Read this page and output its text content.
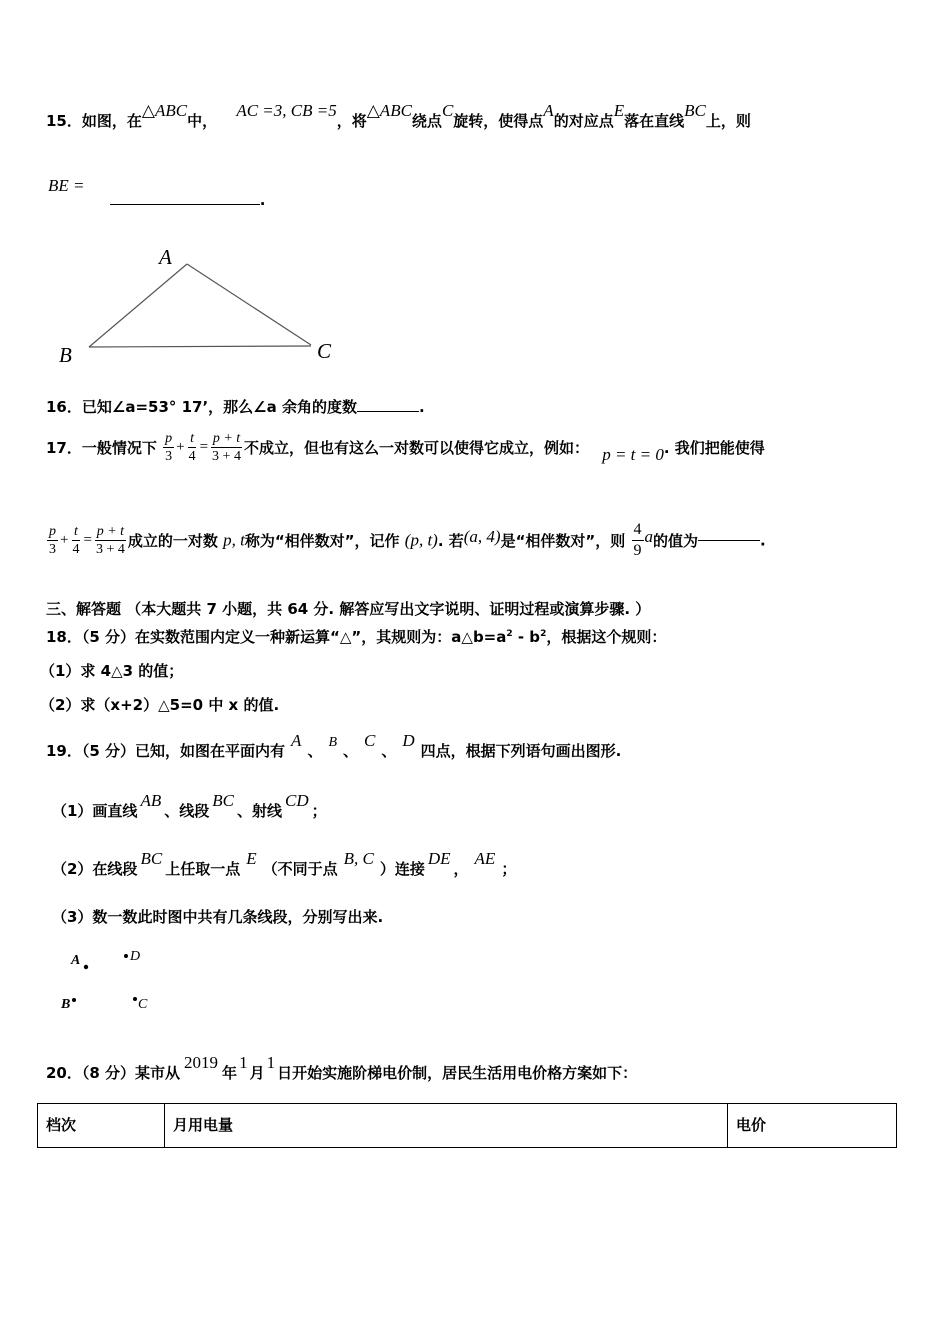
15．如图，在△ABC中， AC =3, CB =5，将△ABC绕点C旋转，使得点A的对应点E落在直线BC上，则
BE = .
A
B	C
16．已知∠a=53° 17’，那么∠a 余角的度数	.
17．一般情况下 $\frac{p}{3} + \frac{t}{4} = \frac{p + t}{3 + 4}$ 不成立，但也有这么一对数可以使得它成立，例如： p = t = 0. 我们把能使得
$\frac{p}{3} + \frac{t}{4} = \frac{p + t}{3 + 4}$ 成立的一对数 p, t称为“相伴数对”，记作 (p, t). 若(a, 4)是“相伴数对”，则 $\frac{4}{9}$ a的值为	.
三、解答题 （本大题共 7 小题，共 64 分. 解答应写出文字说明、证明过程或演算步骤. ）
18．（5 分）在实数范围内定义一种新运算“△”，其规则为：$a\triangle b=a^2 - b^2$，根据这个规则：
（1）求 4△3 的值；
（2）求（x+2）△5=0 中 x 的值.
19．（5 分）已知，如图在平面内有A、 B 、C、D四点，根据下列语句画出图形.
（1）画直线AB、线段BC、射线CD；
（2）在线段BC上任取一点E（不同于点B, C）连接DE，AE；
（3）数一数此时图中共有几条线段，分别写出来.
A	D
B	C
20．（8 分）某市从2019年1月1日开始实施阶梯电价制，居民生活用电价格方案如下：
档次	月用电量	电价
